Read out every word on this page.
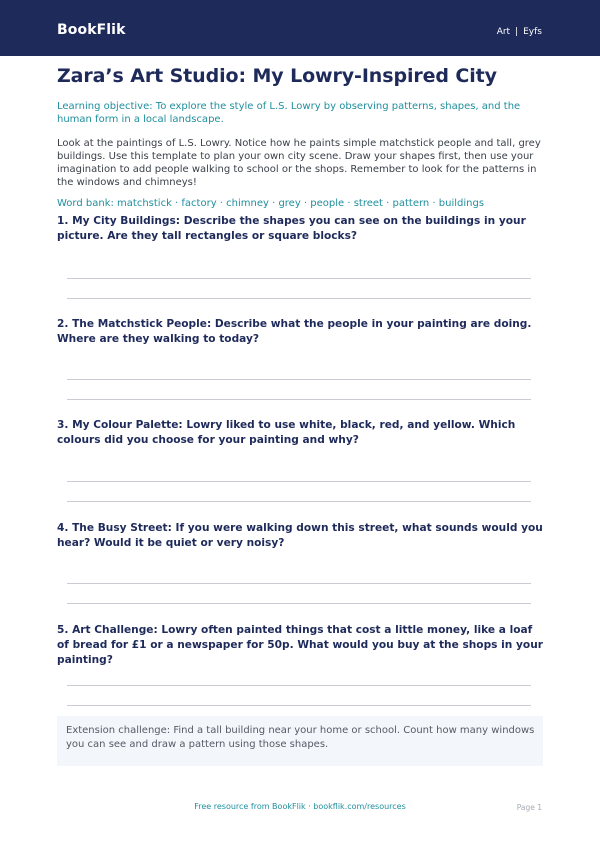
BookFlik	Art | Eyfs
Zara’s Art Studio: My Lowry-Inspired City

Learning objective: To explore the style of L.S. Lowry by observing patterns, shapes, and the human form in a local landscape.

Look at the paintings of L.S. Lowry. Notice how he paints simple matchstick people and tall, grey buildings. Use this template to plan your own city scene. Draw your shapes first, then use your imagination to add people walking to school or the shops. Remember to look for the patterns in the windows and chimneys!

Word bank: matchstick · factory · chimney · grey · people · street · pattern · buildings

1. My City Buildings: Describe the shapes you can see on the buildings in your picture. Are they tall rectangles or square blocks?

2. The Matchstick People: Describe what the people in your painting are doing. Where are they walking to today?

3. My Colour Palette: Lowry liked to use white, black, red, and yellow. Which colours did you choose for your painting and why?

4. The Busy Street: If you were walking down this street, what sounds would you hear? Would it be quiet or very noisy?

5. Art Challenge: Lowry often painted things that cost a little money, like a loaf of bread for £1 or a newspaper for 50p. What would you buy at the shops in your painting?

Extension challenge: Find a tall building near your home or school. Count how many windows you can see and draw a pattern using those shapes.

Free resource from BookFlik · bookflik.com/resources	Page 1
